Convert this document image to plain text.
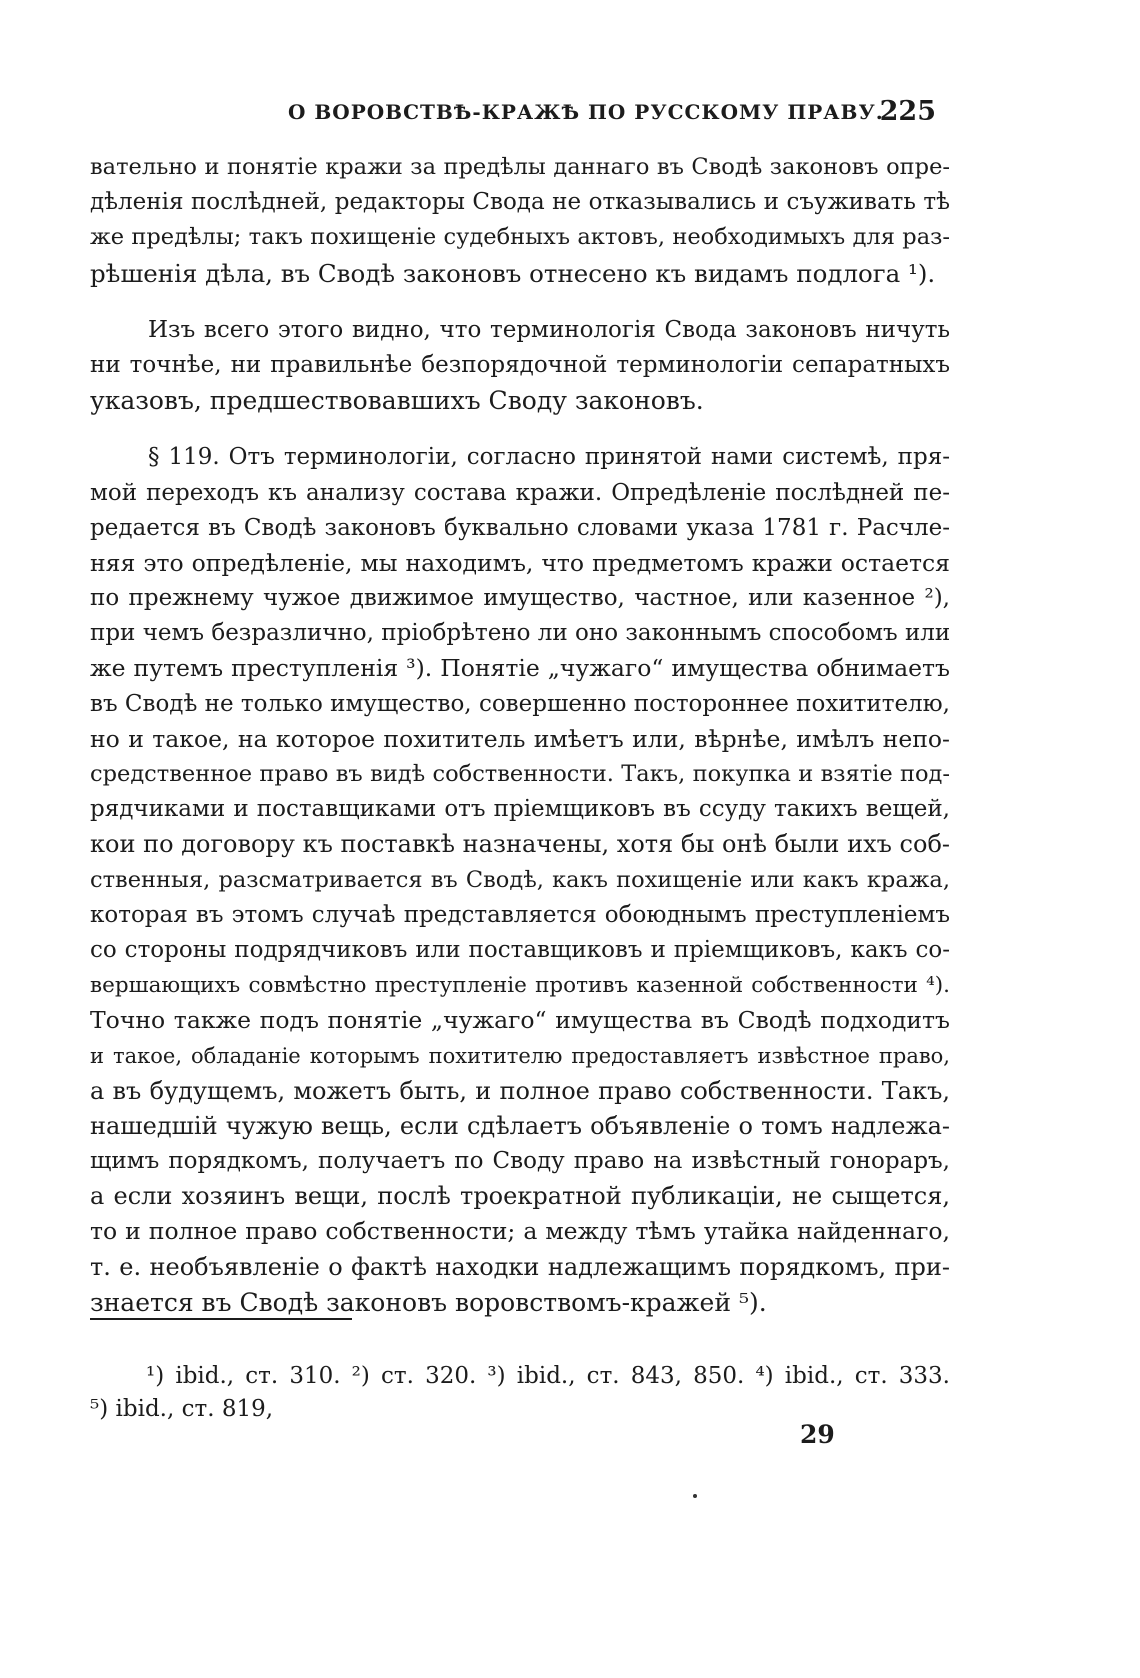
О ВОРОВСТВѢ-КРАЖѢ ПО РУССКОМУ ПРАВУ.
225
вательно и понятіе кражи за предѣлы даннаго въ Сводѣ законовъ опре-
дѣленія послѣдней, редакторы Свода не отказывались и съуживать тѣ
же предѣлы; такъ похищеніе судебныхъ актовъ, необходимыхъ для раз-
рѣшенія дѣла, въ Сводѣ законовъ отнесено къ видамъ подлога ¹).
Изъ всего этого видно, что терминологія Свода законовъ ничуть
ни точнѣе, ни правильнѣе безпорядочной терминологіи сепаратныхъ
указовъ, предшествовавшихъ Своду законовъ.
§ 119. Отъ терминологіи, согласно принятой нами системѣ, пря-
мой переходъ къ анализу состава кражи. Опредѣленіе послѣдней пе-
редается въ Сводѣ законовъ буквально словами указа 1781 г. Расчле-
няя это опредѣленіе, мы находимъ, что предметомъ кражи остается
по прежнему чужое движимое имущество, частное, или казенное ²),
при чемъ безразлично, пріобрѣтено ли оно законнымъ способомъ или
же путемъ преступленія ³). Понятіе „чужаго“ имущества обнимаетъ
въ Сводѣ не только имущество, совершенно постороннее похитителю,
но и такое, на которое похититель имѣетъ или, вѣрнѣе, имѣлъ непо-
средственное право въ видѣ собственности. Такъ, покупка и взятіе под-
рядчиками и поставщиками отъ пріемщиковъ въ ссуду такихъ вещей,
кои по договору къ поставкѣ назначены, хотя бы онѣ были ихъ соб-
ственныя, разсматривается въ Сводѣ, какъ похищеніе или какъ кража,
которая въ этомъ случаѣ представляется обоюднымъ преступленіемъ
со стороны подрядчиковъ или поставщиковъ и пріемщиковъ, какъ со-
вершающихъ совмѣстно преступленіе противъ казенной собственности ⁴).
Точно также подъ понятіе „чужаго“ имущества въ Сводѣ подходитъ
и такое, обладаніе которымъ похитителю предоставляетъ извѣстное право,
а въ будущемъ, можетъ быть, и полное право собственности. Такъ,
нашедшій чужую вещь, если сдѣлаетъ объявленіе о томъ надлежа-
щимъ порядкомъ, получаетъ по Своду право на извѣстный гонораръ,
а если хозяинъ вещи, послѣ троекратной публикаціи, не сыщется,
то и полное право собственности; а между тѣмъ утайка найденнаго,
т. е. необъявленіе о фактѣ находки надлежащимъ порядкомъ, при-
знается въ Сводѣ законовъ воровствомъ-кражей ⁵).
¹) ibid., ст. 310. ²) ст. 320. ³) ibid., ст. 843, 850. ⁴) ibid., ст. 333.
⁵) ibid., ст. 819,
29
